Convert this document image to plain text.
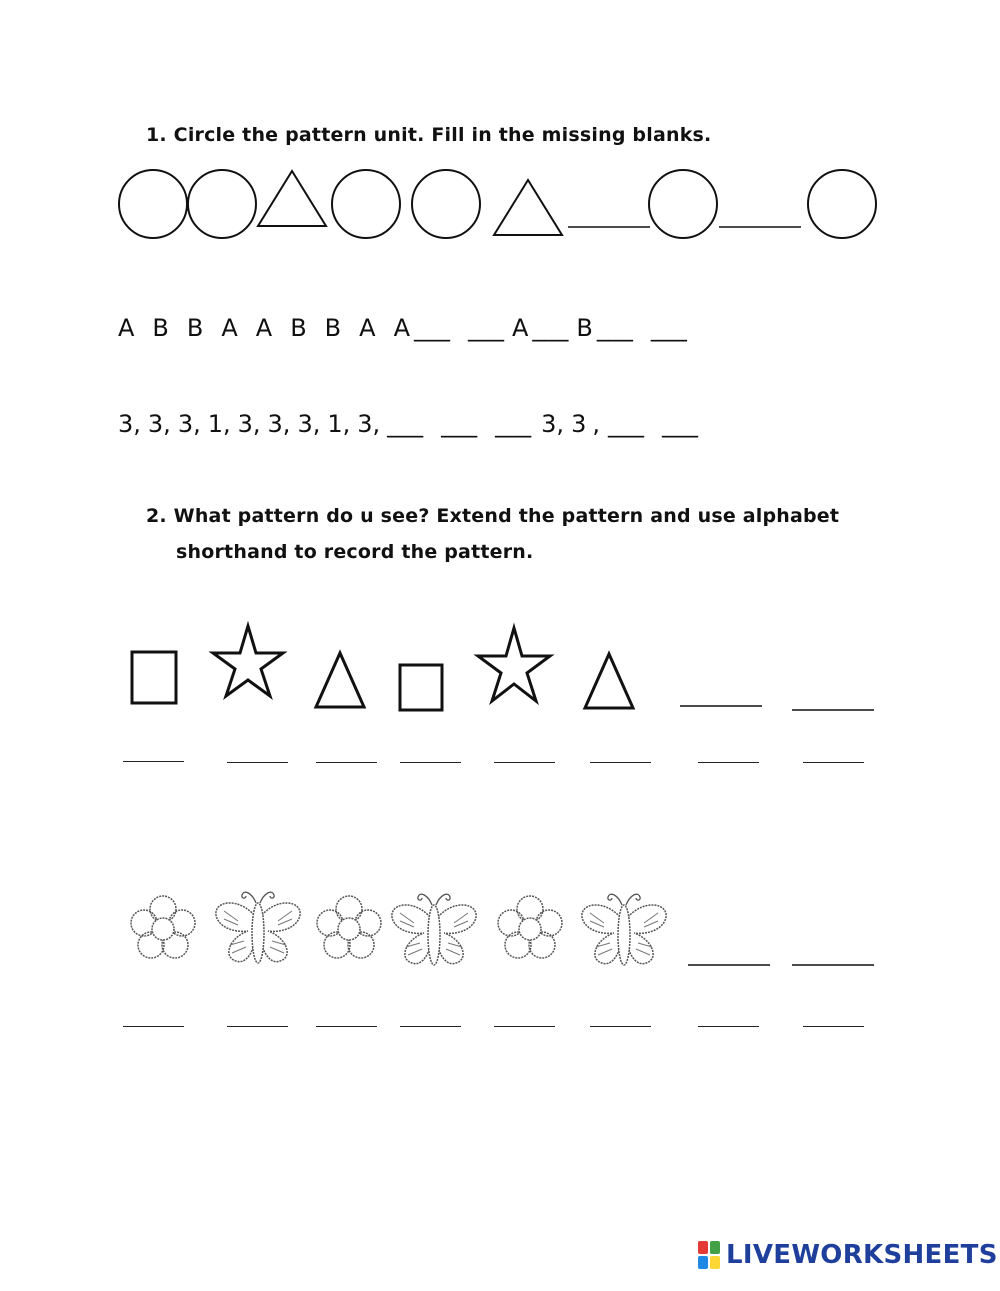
1. Circle the pattern unit. Fill in the missing blanks.
A B B A A B B A A ___ ___ A ___ B ___ ___
3, 3, 3, 1, 3, 3, 3, 1, 3, ___ ___ ___ 3, 3 , ___ ___
2. What pattern do u see? Extend the pattern and use alphabet
shorthand to record the pattern.
LIVEWORKSHEETS
